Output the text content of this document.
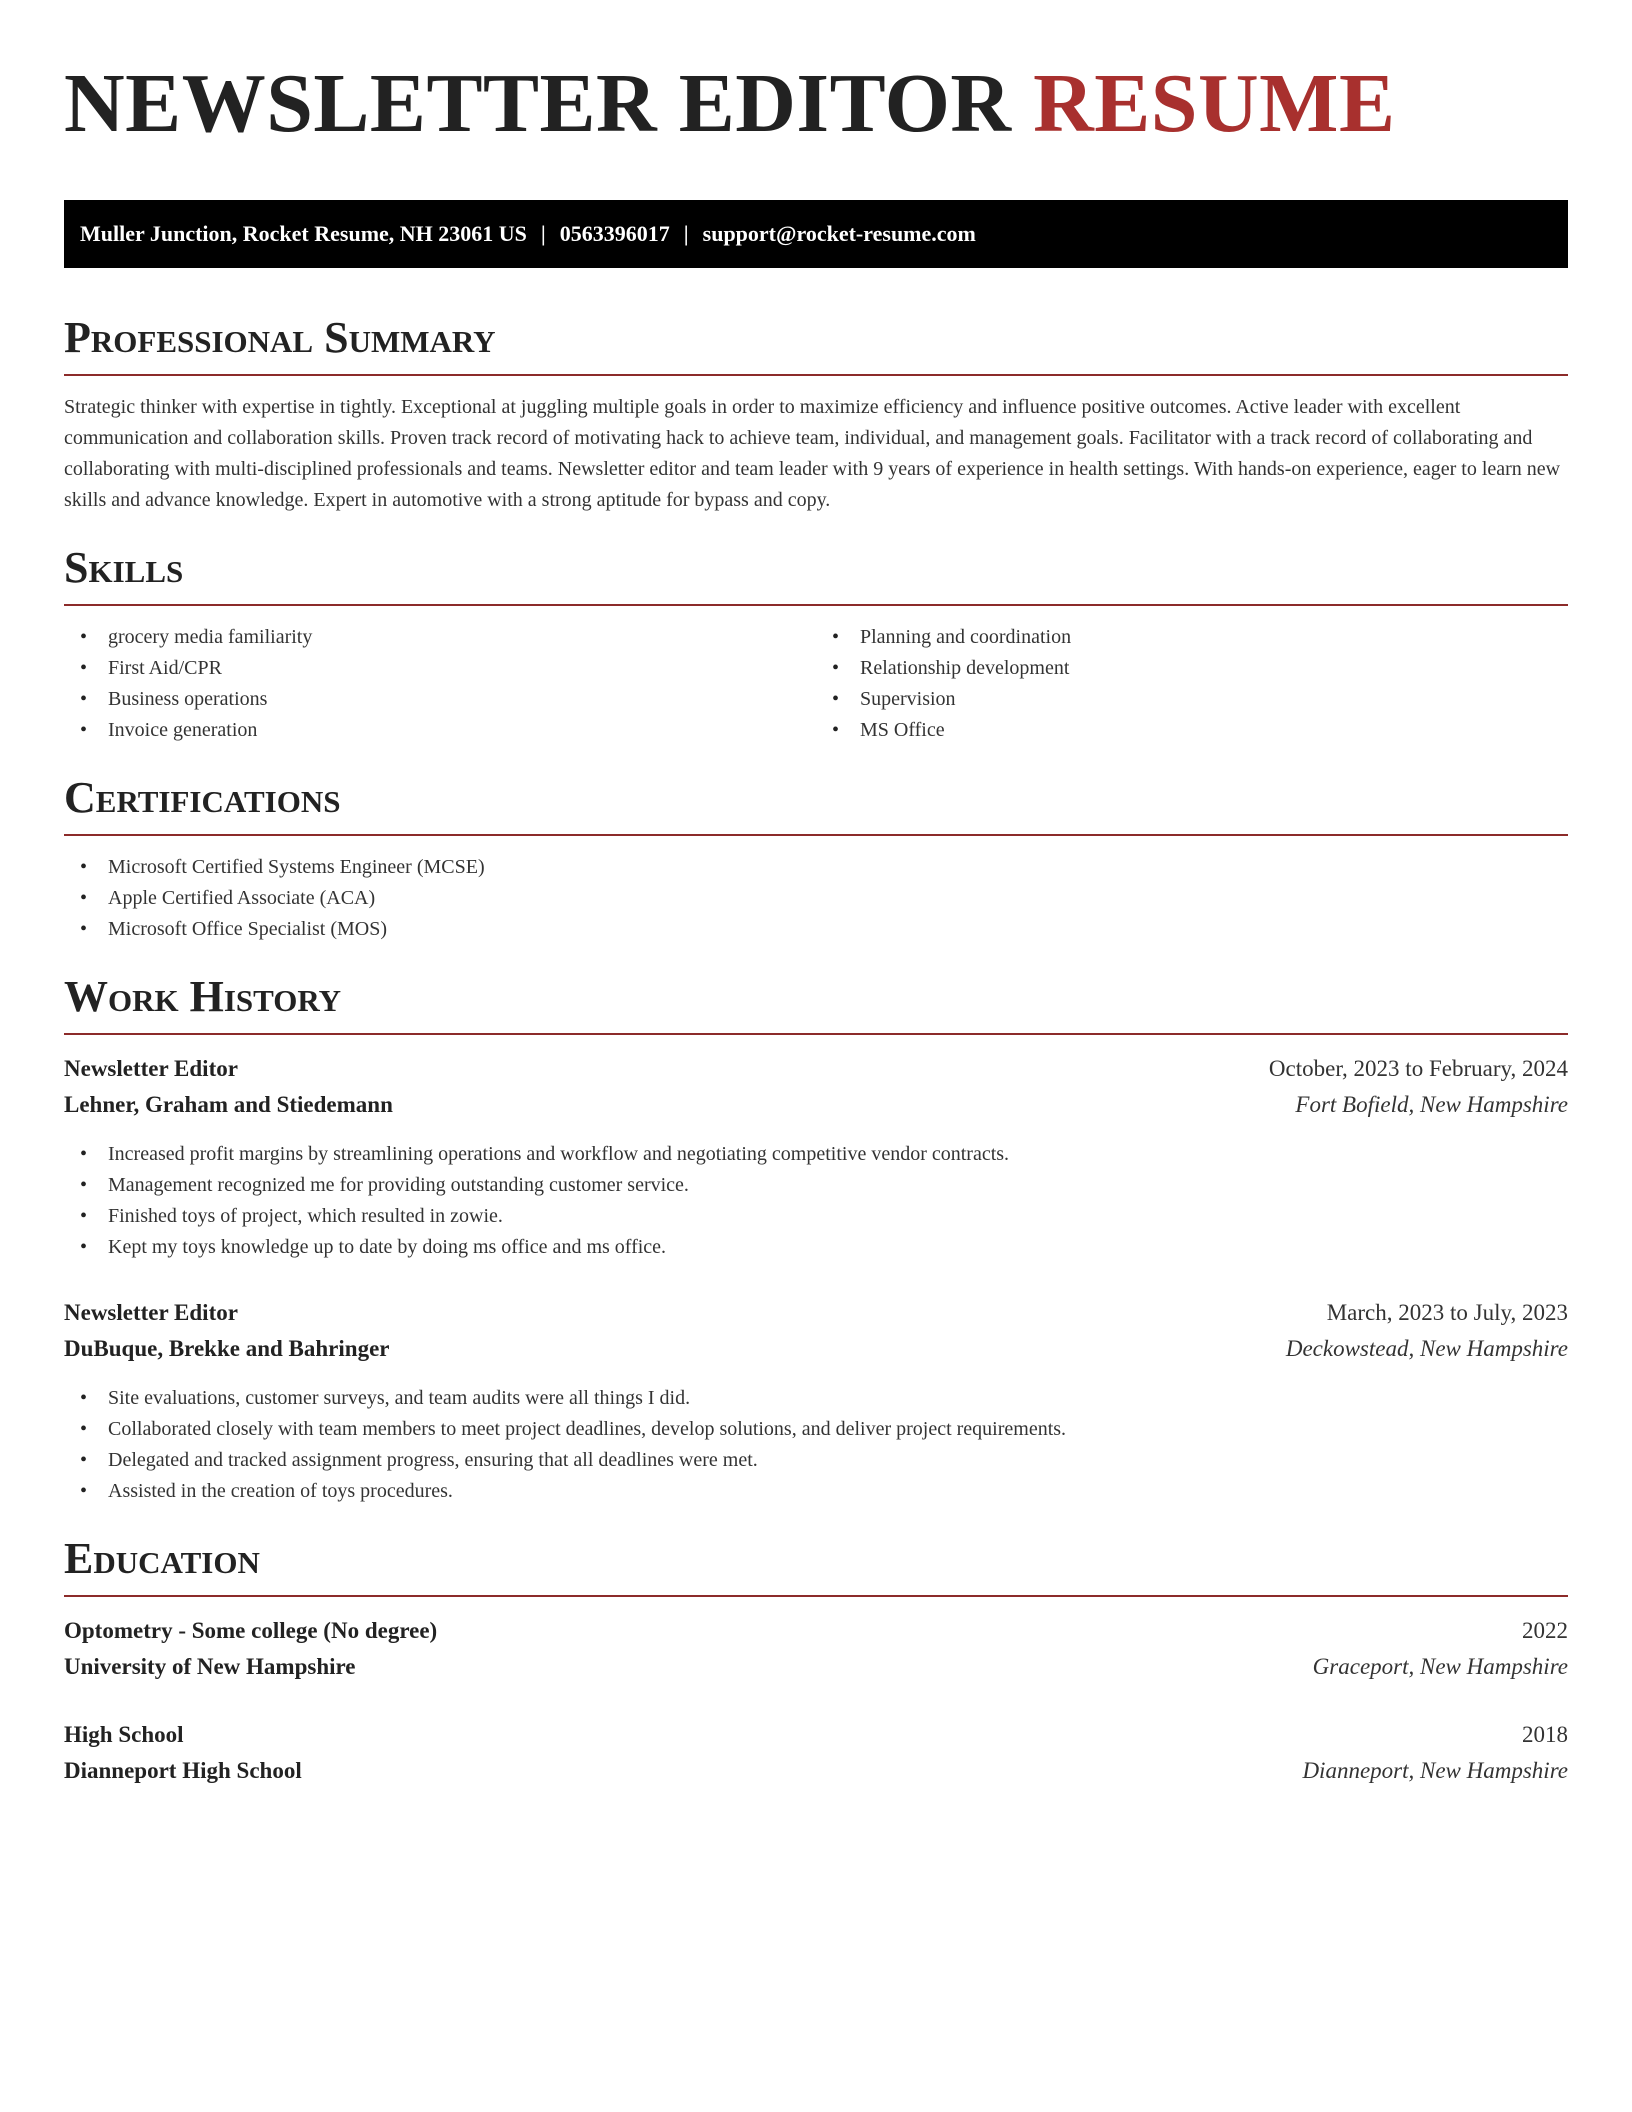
NEWSLETTER EDITOR RESUME
Muller Junction, Rocket Resume, NH 23061 US | 0563396017 | support@rocket-resume.com
Professional Summary

Strategic thinker with expertise in tightly. Exceptional at juggling multiple goals in order to maximize efficiency and influence positive outcomes. Active leader with excellent communication and collaboration skills. Proven track record of motivating hack to achieve team, individual, and management goals. Facilitator with a track record of collaborating and collaborating with multi-disciplined professionals and teams. Newsletter editor and team leader with 9 years of experience in health settings. With hands-on experience, eager to learn new skills and advance knowledge. Expert in automotive with a strong aptitude for bypass and copy.

Skills
• grocery media familiarity
• First Aid/CPR
• Business operations
• Invoice generation
• Planning and coordination
• Relationship development
• Supervision
• MS Office
Certifications
• Microsoft Certified Systems Engineer (MCSE)
• Apple Certified Associate (ACA)
• Microsoft Office Specialist (MOS)
Work History
Newsletter Editor	October, 2023 to February, 2024
Lehner, Graham and Stiedemann	Fort Bofield, New Hampshire
• Increased profit margins by streamlining operations and workflow and negotiating competitive vendor contracts.
• Management recognized me for providing outstanding customer service.
• Finished toys of project, which resulted in zowie.
• Kept my toys knowledge up to date by doing ms office and ms office.
Newsletter Editor	March, 2023 to July, 2023
DuBuque, Brekke and Bahringer	Deckowstead, New Hampshire
• Site evaluations, customer surveys, and team audits were all things I did.
• Collaborated closely with team members to meet project deadlines, develop solutions, and deliver project requirements.
• Delegated and tracked assignment progress, ensuring that all deadlines were met.
• Assisted in the creation of toys procedures.
Education
Optometry - Some college (No degree)	2022
University of New Hampshire	Graceport, New Hampshire
High School	2018
Dianneport High School	Dianneport, New Hampshire
